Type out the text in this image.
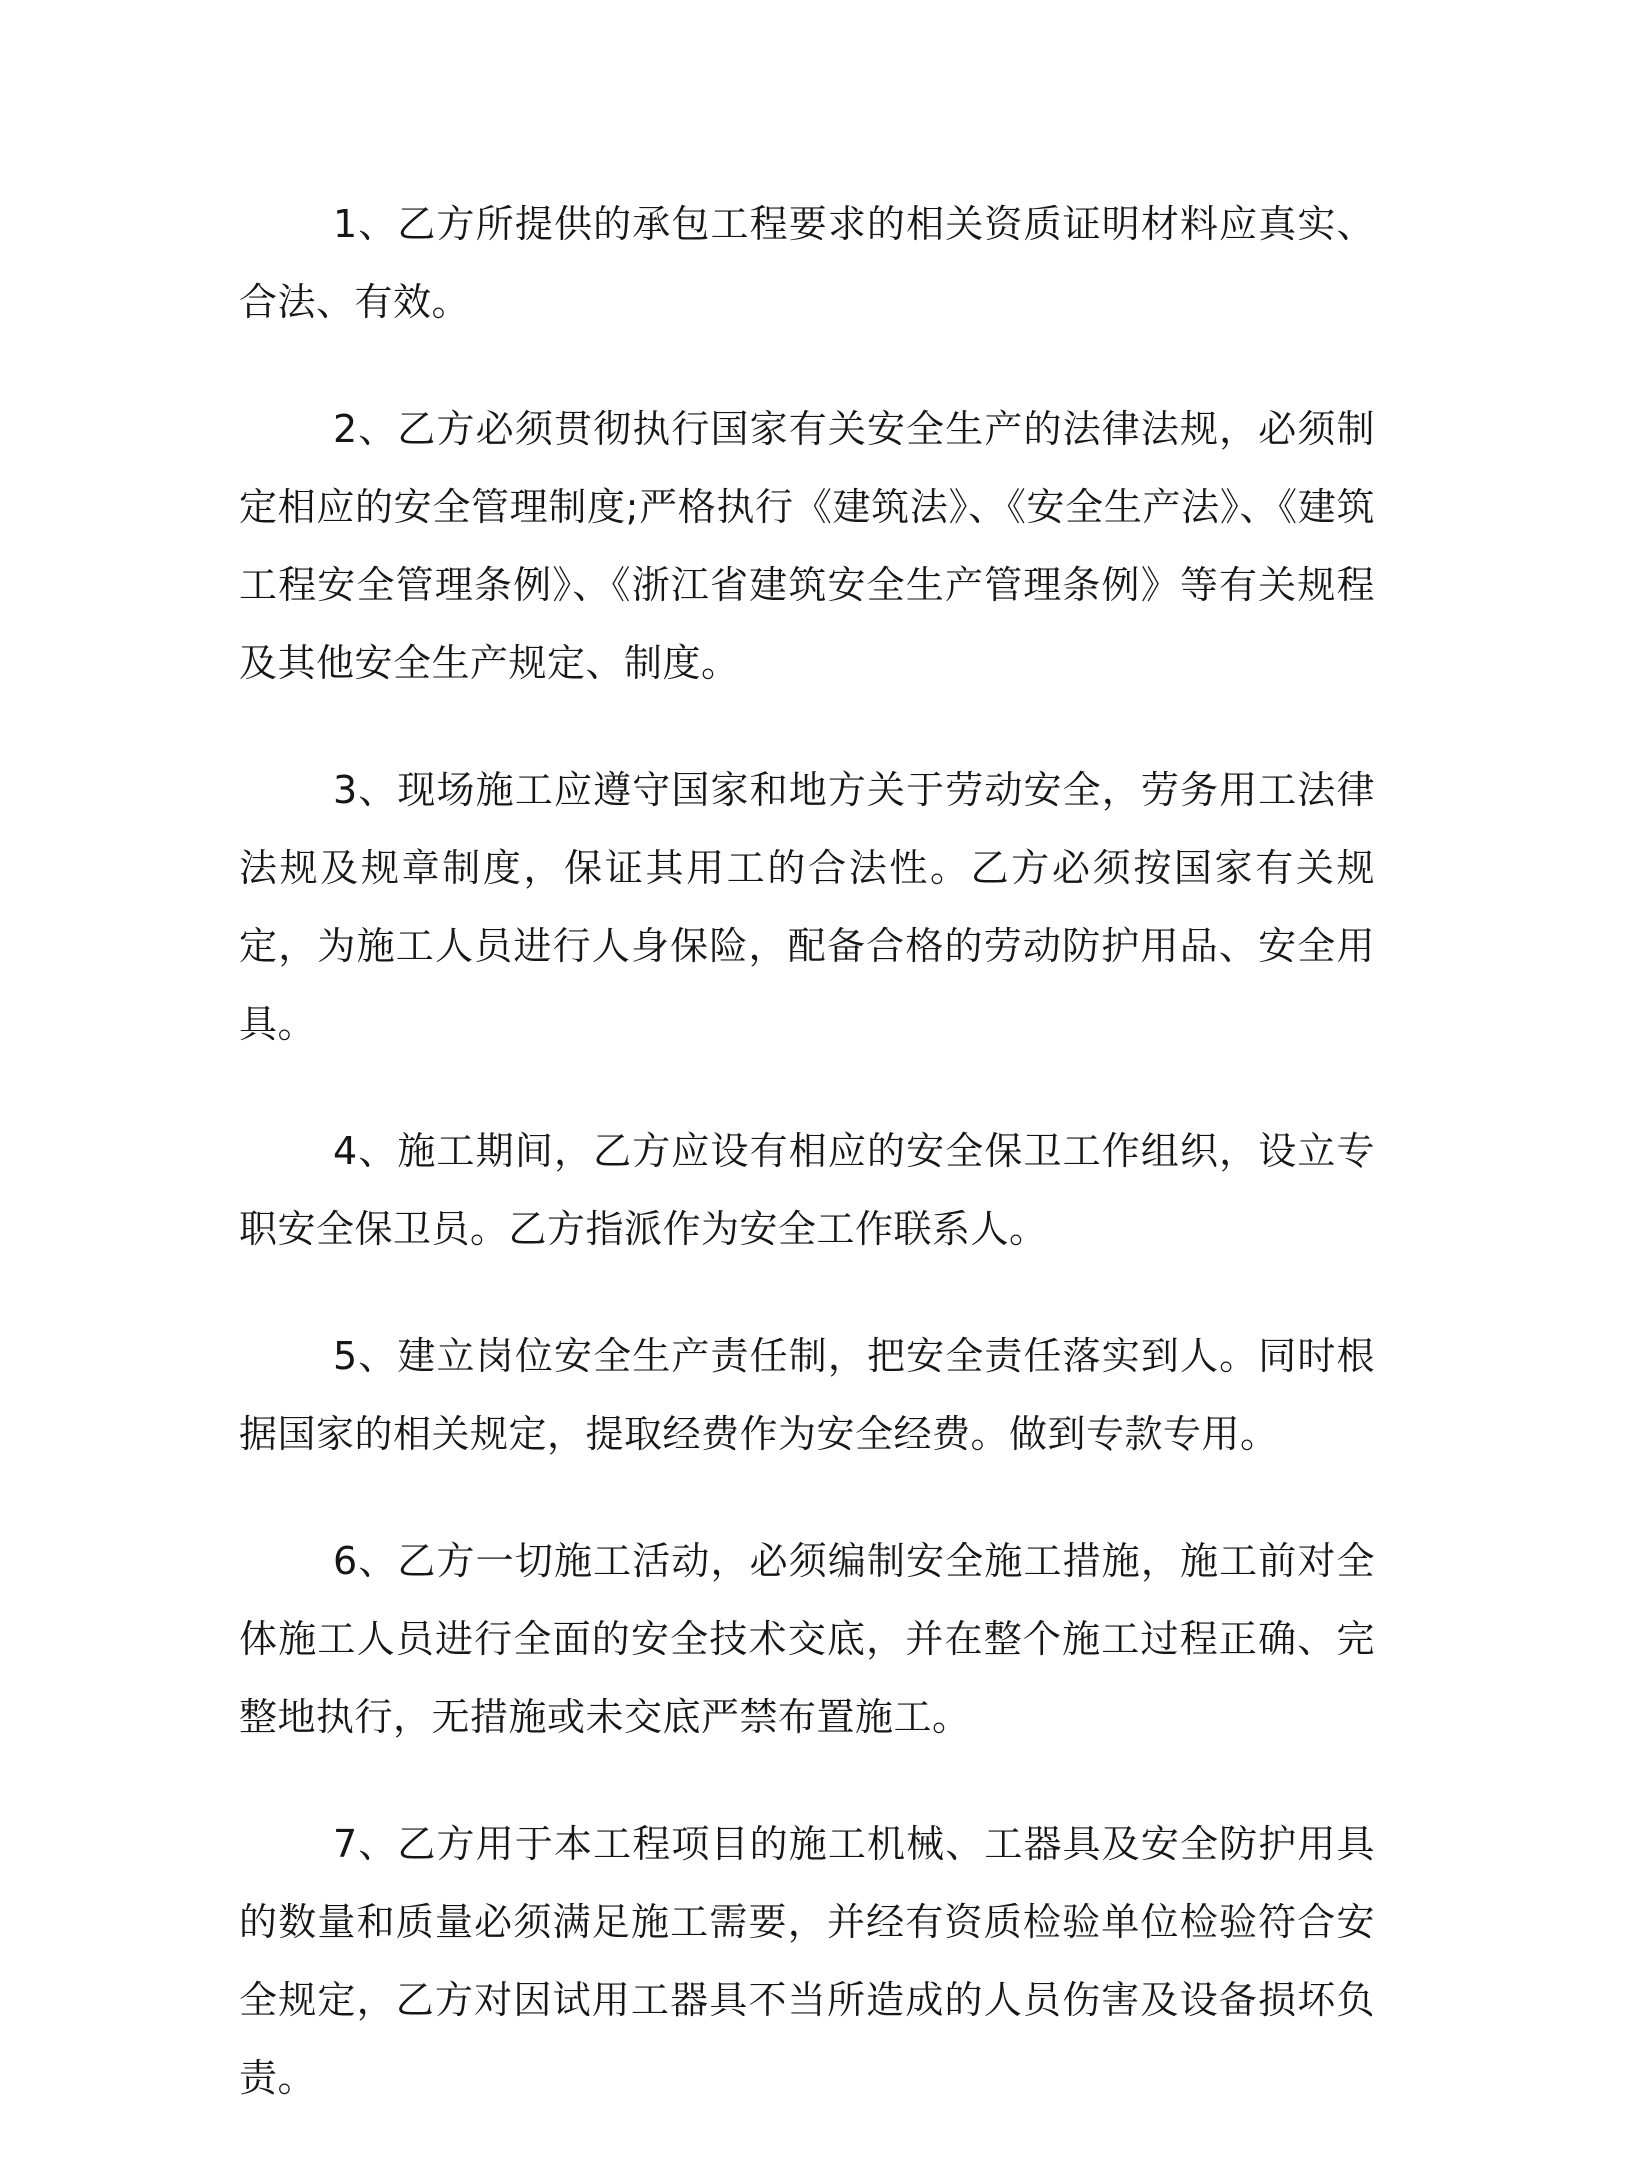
1、乙方所提供的承包工程要求的相关资质证明材料应真实、合法、有效。

2、乙方必须贯彻执行国家有关安全生产的法律法规，必须制定相应的安全管理制度;严格执行《建筑法》、《安全生产法》、《建筑工程安全管理条例》、《浙江省建筑安全生产管理条例》等有关规程及其他安全生产规定、制度。

3、现场施工应遵守国家和地方关于劳动安全，劳务用工法律法规及规章制度，保证其用工的合法性。乙方必须按国家有关规定，为施工人员进行人身保险，配备合格的劳动防护用品、安全用具。

4、施工期间，乙方应设有相应的安全保卫工作组织，设立专职安全保卫员。乙方指派作为安全工作联系人。

5、建立岗位安全生产责任制，把安全责任落实到人。同时根据国家的相关规定，提取经费作为安全经费。做到专款专用。

6、乙方一切施工活动，必须编制安全施工措施，施工前对全体施工人员进行全面的安全技术交底，并在整个施工过程正确、完整地执行，无措施或未交底严禁布置施工。

7、乙方用于本工程项目的施工机械、工器具及安全防护用具的数量和质量必须满足施工需要，并经有资质检验单位检验符合安全规定，乙方对因试用工器具不当所造成的人员伤害及设备损坏负责。
